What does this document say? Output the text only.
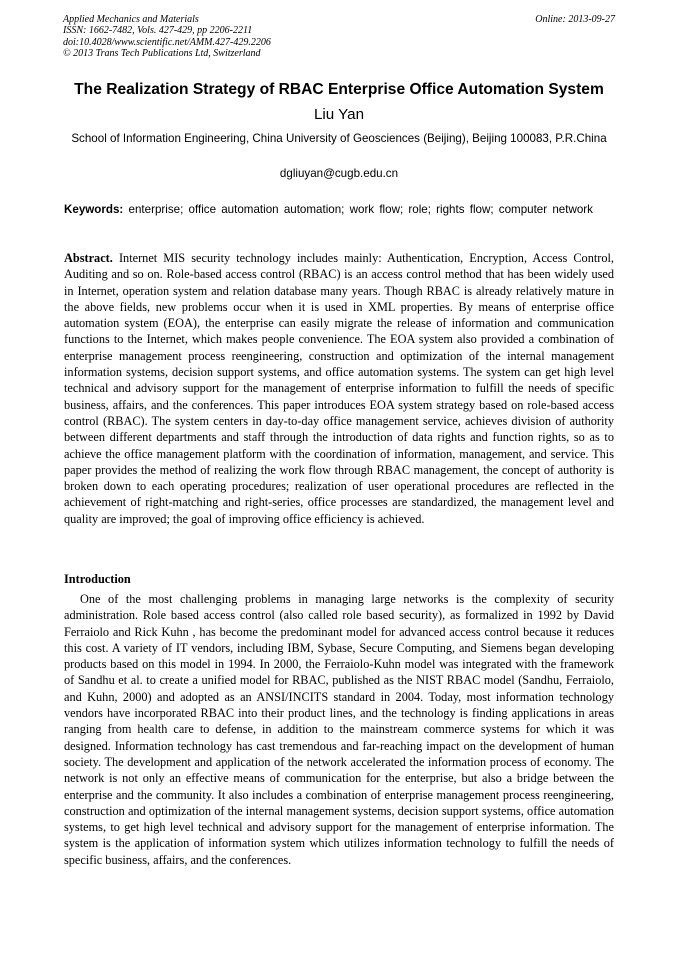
Applied Mechanics and Materials
ISSN: 1662-7482, Vols. 427-429, pp 2206-2211
doi:10.4028/www.scientific.net/AMM.427-429.2206
© 2013 Trans Tech Publications Ltd, Switzerland
Online: 2013-09-27
The Realization Strategy of RBAC Enterprise Office Automation System
Liu Yan
School of Information Engineering, China University of Geosciences (Beijing), Beijing 100083, P.R.China
dgliuyan@cugb.edu.cn
Keywords: enterprise; office automation automation; work flow; role; rights flow; computer network
Abstract. Internet MIS security technology includes mainly: Authentication, Encryption, Access Control, Auditing and so on. Role-based access control (RBAC) is an access control method that has been widely used in Internet, operation system and relation database many years. Though RBAC is already relatively mature in the above fields, new problems occur when it is used in XML properties. By means of enterprise office automation system (EOA), the enterprise can easily migrate the release of information and communication functions to the Internet, which makes people convenience. The EOA system also provided a combination of enterprise management process reengineering, construction and optimization of the internal management information systems, decision support systems, and office automation systems. The system can get high level technical and advisory support for the management of enterprise information to fulfill the needs of specific business, affairs, and the conferences. This paper introduces EOA system strategy based on role-based access control (RBAC). The system centers in day-to-day office management service, achieves division of authority between different departments and staff through the introduction of data rights and function rights, so as to achieve the office management platform with the coordination of information, management, and service. This paper provides the method of realizing the work flow through RBAC management, the concept of authority is broken down to each operating procedures; realization of user operational procedures are reflected in the achievement of right-matching and right-series, office processes are standardized, the management level and quality are improved; the goal of improving office efficiency is achieved.
Introduction
One of the most challenging problems in managing large networks is the complexity of security administration. Role based access control (also called role based security), as formalized in 1992 by David Ferraiolo and Rick Kuhn , has become the predominant model for advanced access control because it reduces this cost. A variety of IT vendors, including IBM, Sybase, Secure Computing, and Siemens began developing products based on this model in 1994. In 2000, the Ferraiolo-Kuhn model was integrated with the framework of Sandhu et al. to create a unified model for RBAC, published as the NIST RBAC model (Sandhu, Ferraiolo, and Kuhn, 2000) and adopted as an ANSI/INCITS standard in 2004. Today, most information technology vendors have incorporated RBAC into their product lines, and the technology is finding applications in areas ranging from health care to defense, in addition to the mainstream commerce systems for which it was designed. Information technology has cast tremendous and far-reaching impact on the development of human society. The development and application of the network accelerated the information process of economy. The network is not only an effective means of communication for the enterprise, but also a bridge between the enterprise and the community. It also includes a combination of enterprise management process reengineering, construction and optimization of the internal management systems, decision support systems, office automation systems, to get high level technical and advisory support for the management of enterprise information. The system is the application of information system which utilizes information technology to fulfill the needs of specific business, affairs, and the conferences.
